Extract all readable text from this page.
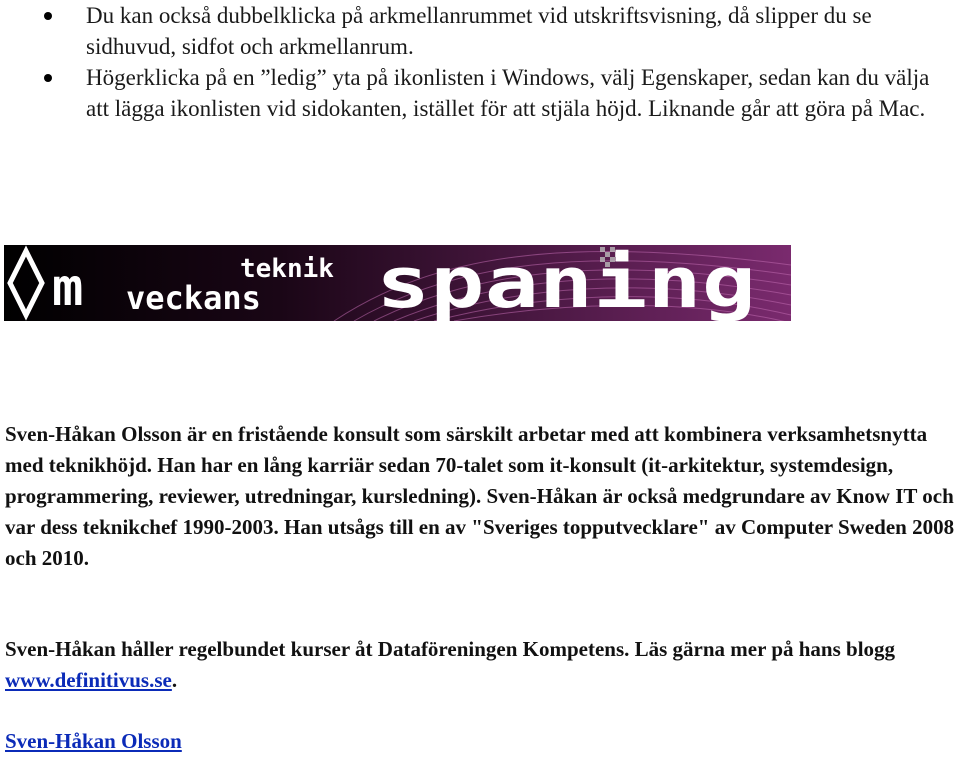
Du kan också dubbelklicka på arkmellanrummet vid utskriftsvisning, då slipper du se sidhuvud, sidfot och arkmellanrum.
Högerklicka på en ”ledig” yta på ikonlisten i Windows, välj Egenskaper, sedan kan du välja att lägga ikonlisten vid sidokanten, istället för att stjäla höjd. Liknande går att göra på Mac.
m	teknik
veckans spaning

Sven-Håkan Olsson är en fristående konsult som särskilt arbetar med att kombinera verksamhetsnytta med teknikhöjd. Han har en lång karriär sedan 70-talet som it-konsult (it-arkitektur, systemdesign, programmering, reviewer, utredningar, kursledning). Sven-Håkan är också medgrundare av Know IT och var dess teknikchef 1990-2003. Han utsågs till en av "Sveriges topputvecklare" av Computer Sweden 2008 och 2010.

Sven-Håkan håller regelbundet kurser åt Dataföreningen Kompetens. Läs gärna mer på hans blogg www.definitivus.se.

Sven-Håkan Olsson
